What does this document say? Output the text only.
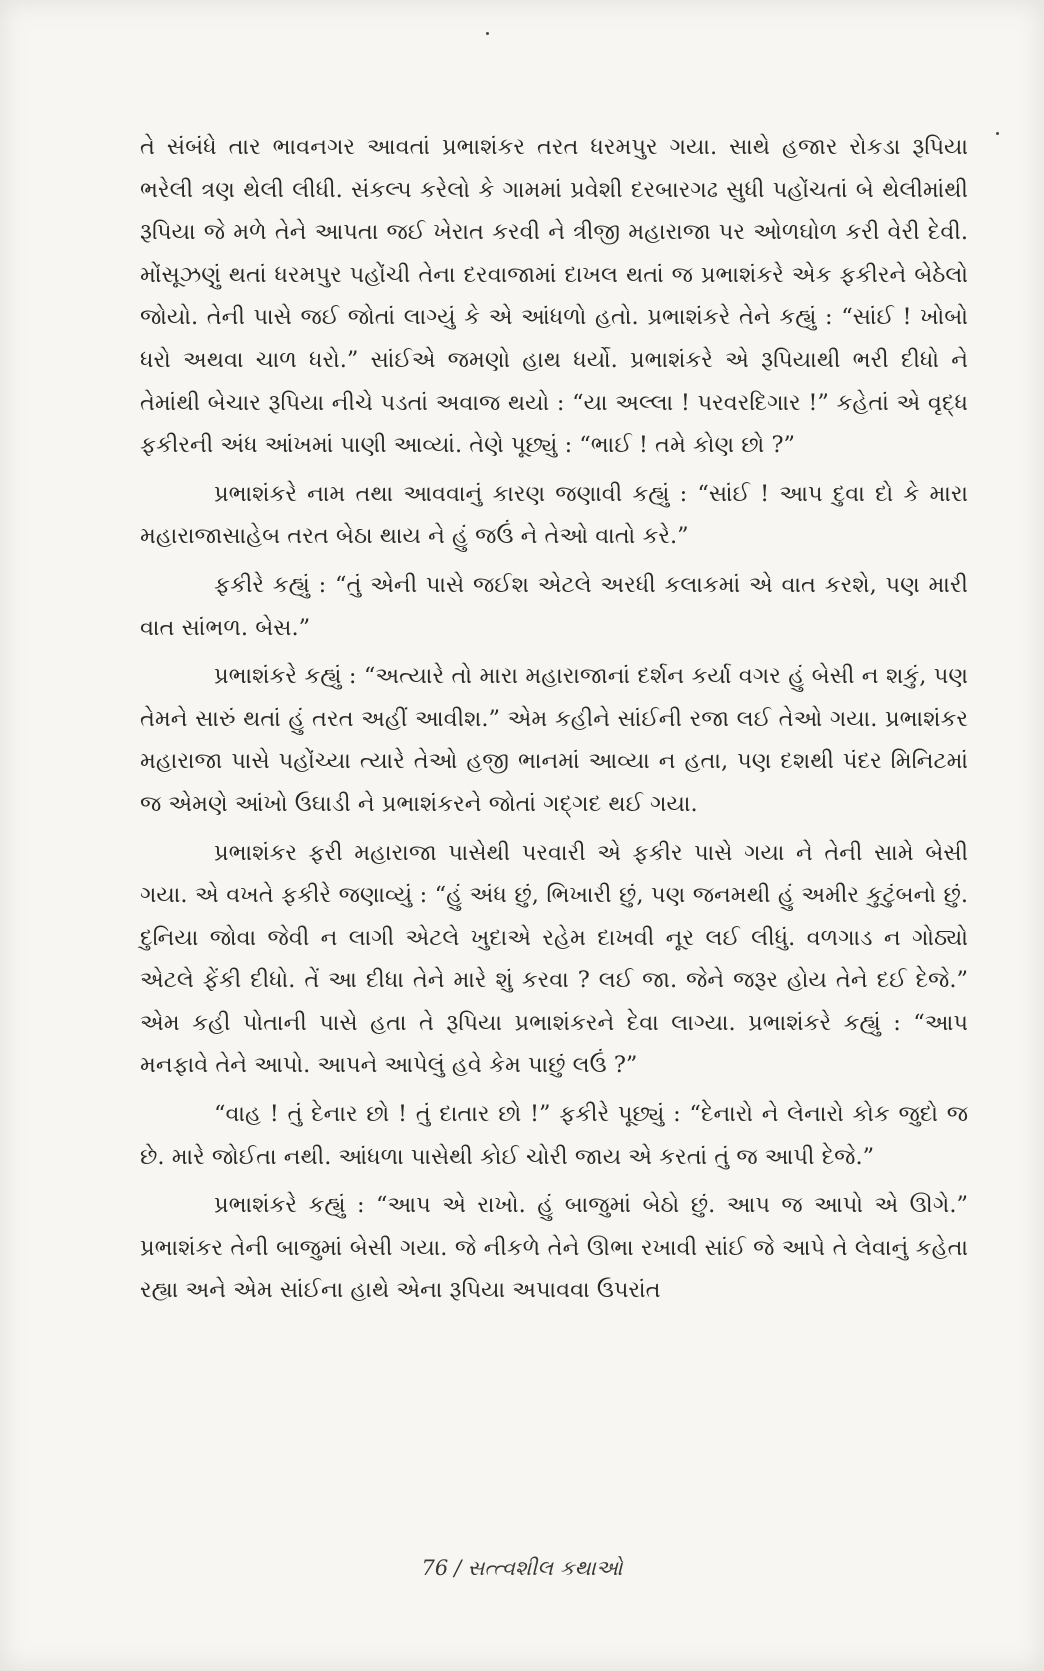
તે સંબંધે તાર ભાવનગર આવતાં પ્રભાશંકર તરત ધરમપુર ગયા. સાથે હજાર રોકડા રૂપિયા ભરેલી ત્રણ થેલી લીધી. સંકલ્પ કરેલો કે ગામમાં પ્રવેશી દરબારગઢ સુધી પહોંચતાં બે થેલીમાંથી રૂપિયા જે મળે તેને આપતા જઈ ખેરાત કરવી ને ત્રીજી મહારાજા પર ઓળઘોળ કરી વેરી દેવી. મોંસૂઝણું થતાં ધરમપુર પહોંચી તેના દરવાજામાં દાખલ થતાં જ પ્રભાશંકરે એક ફકીરને બેઠેલો જોયો. તેની પાસે જઈ જોતાં લાગ્યું કે એ આંધળો હતો. પ્રભાશંકરે તેને કહ્યું : “સાંઈ ! ખોબો ધરો અથવા ચાળ ધરો.” સાંઈએ જમણો હાથ ધર્યો. પ્રભાશંકરે એ રૂપિયાથી ભરી દીધો ને તેમાંથી બેચાર રૂપિયા નીચે પડતાં અવાજ થયો : “યા અલ્લા ! પરવરદિગાર !” કહેતાં એ વૃદ્ધ ફકીરની અંધ આંખમાં પાણી આવ્યાં. તેણે પૂછ્યું : “ભાઈ ! તમે કોણ છો ?”

પ્રભાશંકરે નામ તથા આવવાનું કારણ જણાવી કહ્યું : “સાંઈ ! આપ દુવા દો કે મારા મહારાજાસાહેબ તરત બેઠા થાય ને હું જઉં ને તેઓ વાતો કરે.”

ફકીરે કહ્યું : “તું એની પાસે જઈશ એટલે અરધી કલાકમાં એ વાત કરશે, પણ મારી વાત સાંભળ. બેસ.”

પ્રભાશંકરે કહ્યું : “અત્યારે તો મારા મહારાજાનાં દર્શન કર્યા વગર હું બેસી ન શકું, પણ તેમને સારું થતાં હું તરત અહીં આવીશ.” એમ કહીને સાંઈની રજા લઈ તેઓ ગયા. પ્રભાશંકર મહારાજા પાસે પહોંચ્યા ત્યારે તેઓ હજી ભાનમાં આવ્યા ન હતા, પણ દશથી પંદર મિનિટમાં જ એમણે આંખો ઉઘાડી ને પ્રભાશંકરને જોતાં ગદ્ગદ થઈ ગયા.

પ્રભાશંકર ફરી મહારાજા પાસેથી પરવારી એ ફકીર પાસે ગયા ને તેની સામે બેસી ગયા. એ વખતે ફકીરે જણાવ્યું : “હું અંધ છું, ભિખારી છું, પણ જનમથી હું અમીર કુટુંબનો છું. દુનિયા જોવા જેવી ન લાગી એટલે ખુદાએ રહેમ દાખવી નૂર લઈ લીધું. વળગાડ ન ગોઠ્યો એટલે ફેંકી દીધો. તેં આ દીધા તેને મારે શું કરવા ? લઈ જા. જેને જરૂર હોય તેને દઈ દેજે.” એમ કહી પોતાની પાસે હતા તે રૂપિયા પ્રભાશંકરને દેવા લાગ્યા. પ્રભાશંકરે કહ્યું : “આપ મનફાવે તેને આપો. આપને આપેલું હવે કેમ પાછું લઉં ?”

“વાહ ! તું દેનાર છો ! તું દાતાર છો !” ફકીરે પૂછ્યું : “દેનારો ને લેનારો કોક જુદો જ છે. મારે જોઈતા નથી. આંધળા પાસેથી કોઈ ચોરી જાય એ કરતાં તું જ આપી દેજે.”

પ્રભાશંકરે કહ્યું : “આપ એ રાખો. હું બાજુમાં બેઠો છું. આપ જ આપો એ ઊગે.” પ્રભાશંકર તેની બાજુમાં બેસી ગયા. જે નીકળે તેને ઊભા રખાવી સાંઈ જે આપે તે લેવાનું કહેતા રહ્યા અને એમ સાંઈના હાથે એના રૂપિયા અપાવવા ઉપરાંત

76 / સત્ત્વશીલ કથાઓ
